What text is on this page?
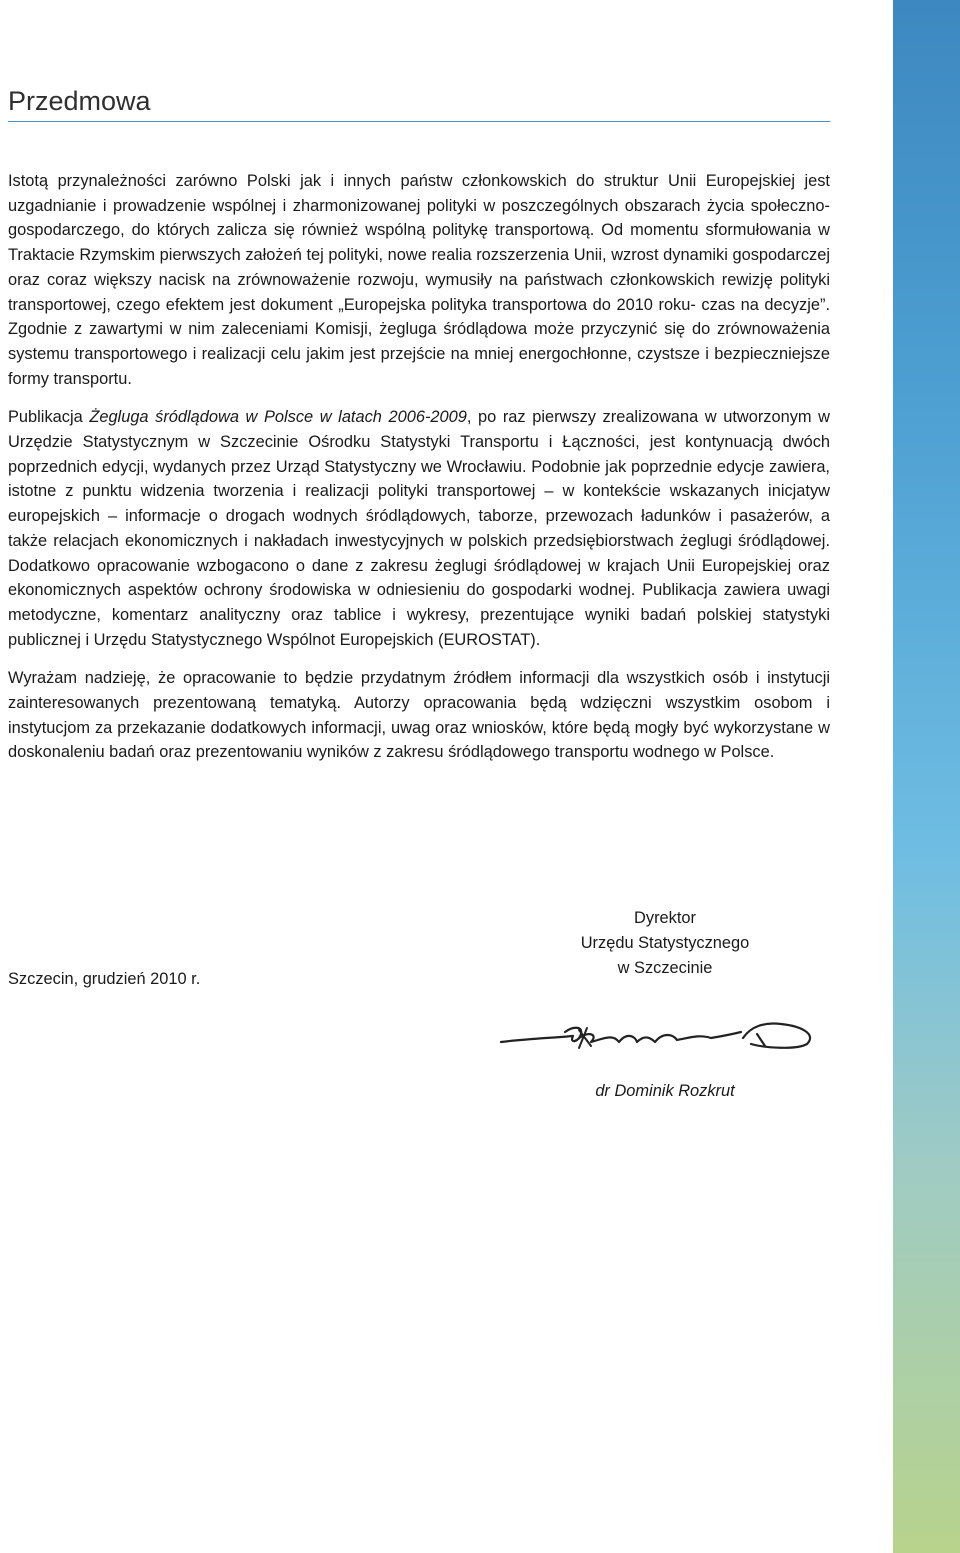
Przedmowa

Istotą przynależności zarówno Polski jak i innych państw członkowskich do struktur Unii Europejskiej jest uzgadnianie i prowadzenie wspólnej i zharmonizowanej polityki w poszczególnych obszarach życia społeczno-gospodarczego, do których zalicza się również wspólną politykę transportową. Od momentu sformułowania w Traktacie Rzymskim pierwszych założeń tej polityki, nowe realia rozszerzenia Unii, wzrost dynamiki gospodarczej oraz coraz większy nacisk na zrównoważenie rozwoju, wymusiły na państwach członkowskich rewizję polityki transportowej, czego efektem jest dokument „Europejska polityka transportowa do 2010 roku- czas na decyzje”. Zgodnie z zawartymi w nim zaleceniami Komisji, żegluga śródlądowa może przyczynić się do zrównoważenia systemu transportowego i realizacji celu jakim jest przejście na mniej energochłonne, czystsze i bezpieczniejsze formy transportu.

Publikacja Żegluga śródlądowa w Polsce w latach 2006-2009, po raz pierwszy zrealizowana w utworzonym w Urzędzie Statystycznym w Szczecinie Ośrodku Statystyki Transportu i Łączności, jest kontynuacją dwóch poprzednich edycji, wydanych przez Urząd Statystyczny we Wrocławiu. Podobnie jak poprzednie edycje zawiera, istotne z punktu widzenia tworzenia i realizacji polityki transportowej – w kontekście wskazanych inicjatyw europejskich – informacje o drogach wodnych śródlądowych, taborze, przewozach ładunków i pasażerów, a także relacjach ekonomicznych i nakładach inwestycyjnych w polskich przedsiębiorstwach żeglugi śródlądowej. Dodatkowo opracowanie wzbogacono o dane z zakresu żeglugi śródlądowej w krajach Unii Europejskiej oraz ekonomicznych aspektów ochrony środowiska w odniesieniu do gospodarki wodnej. Publikacja zawiera uwagi metodyczne, komentarz analityczny oraz tablice i wykresy, prezentujące wyniki badań polskiej statystyki publicznej i Urzędu Statystycznego Wspólnot Europejskich (EUROSTAT).

Wyrażam nadzieję, że opracowanie to będzie przydatnym źródłem informacji dla wszystkich osób i instytucji zainteresowanych prezentowaną tematyką. Autorzy opracowania będą wdzięczni wszystkim osobom i instytucjom za przekazanie dodatkowych informacji, uwag oraz wniosków, które będą mogły być wykorzystane w doskonaleniu badań oraz prezentowaniu wyników z zakresu śródlądowego transportu wodnego w Polsce.

Szczecin, grudzień 2010 r.

Dyrektor
Urzędu Statystycznego
w Szczecinie

dr Dominik Rozkrut
